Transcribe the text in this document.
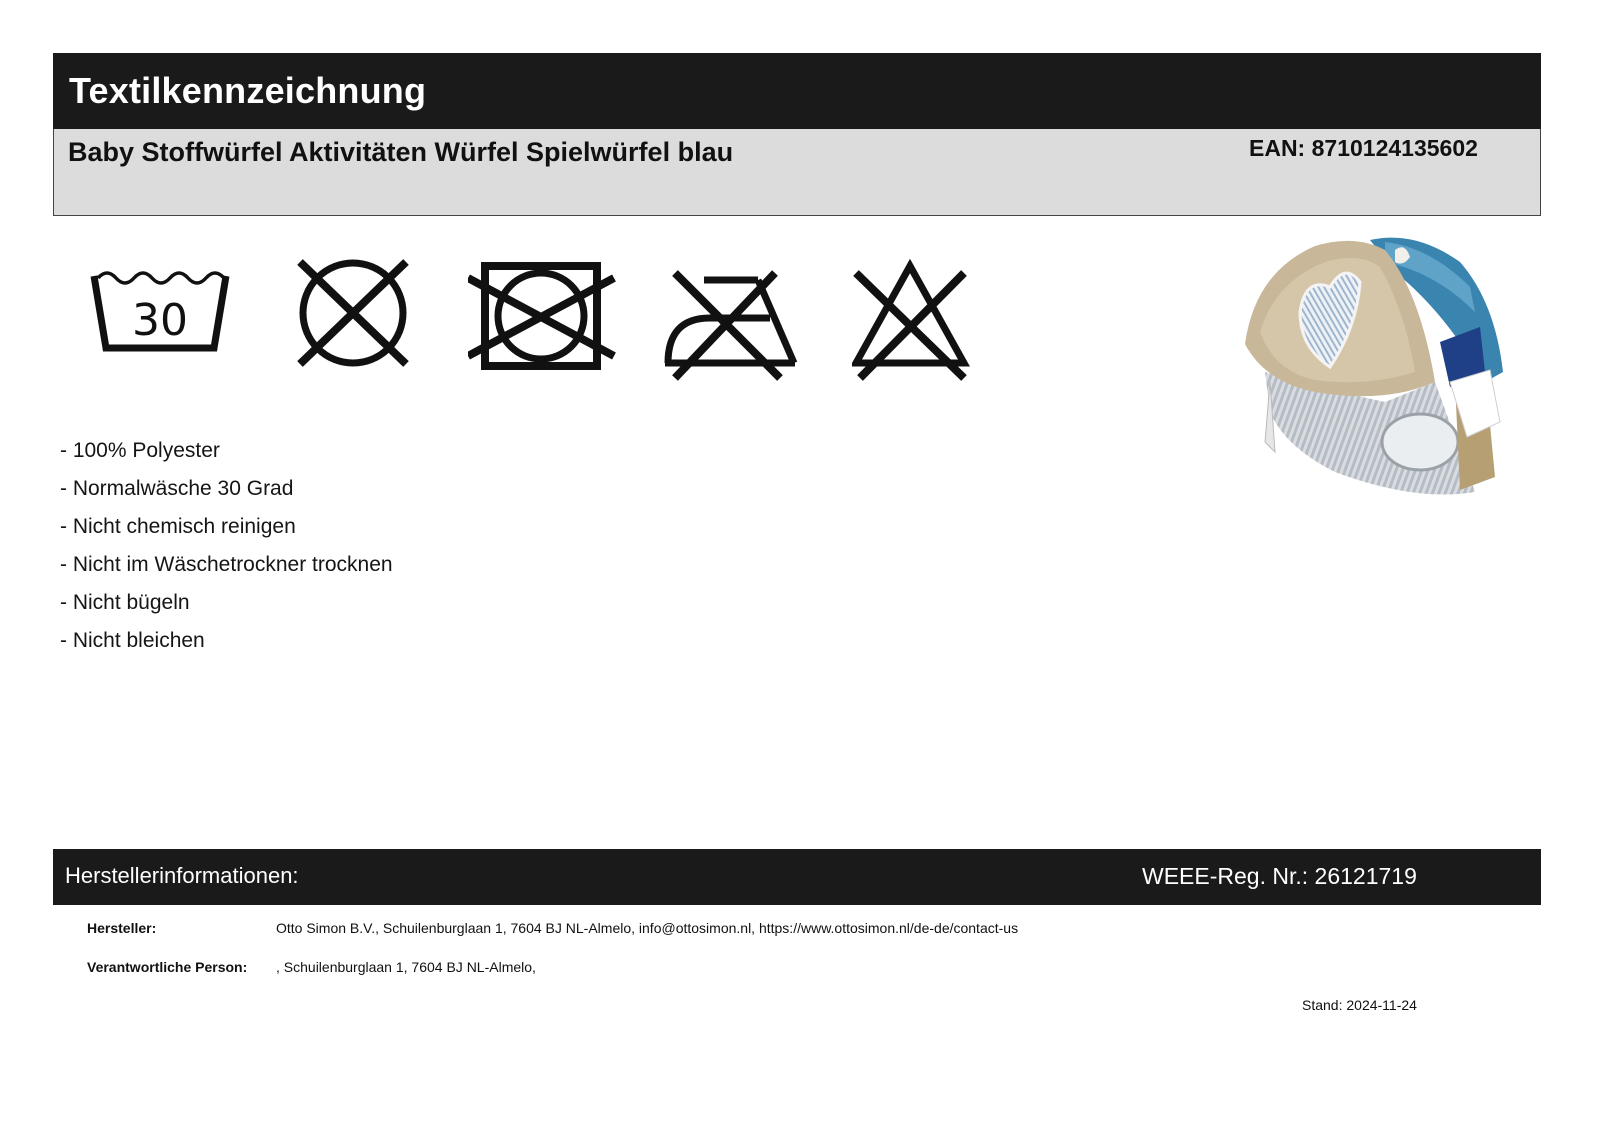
Textilkennzeichnung
Baby Stoffwürfel Aktivitäten Würfel Spielwürfel blau	EAN: 8710124135602
30
- 100% Polyester
- Normalwäsche 30 Grad
- Nicht chemisch reinigen
- Nicht im Wäschetrockner trocknen
- Nicht bügeln
- Nicht bleichen
Herstellerinformationen:	WEEE-Reg. Nr.: 26121719
Hersteller:	Otto Simon B.V., Schuilenburglaan 1, 7604 BJ NL-Almelo, info@ottosimon.nl, https://www.ottosimon.nl/de-de/contact-us
Verantwortliche Person: , Schuilenburglaan 1, 7604 BJ NL-Almelo,
Stand: 2024-11-24
